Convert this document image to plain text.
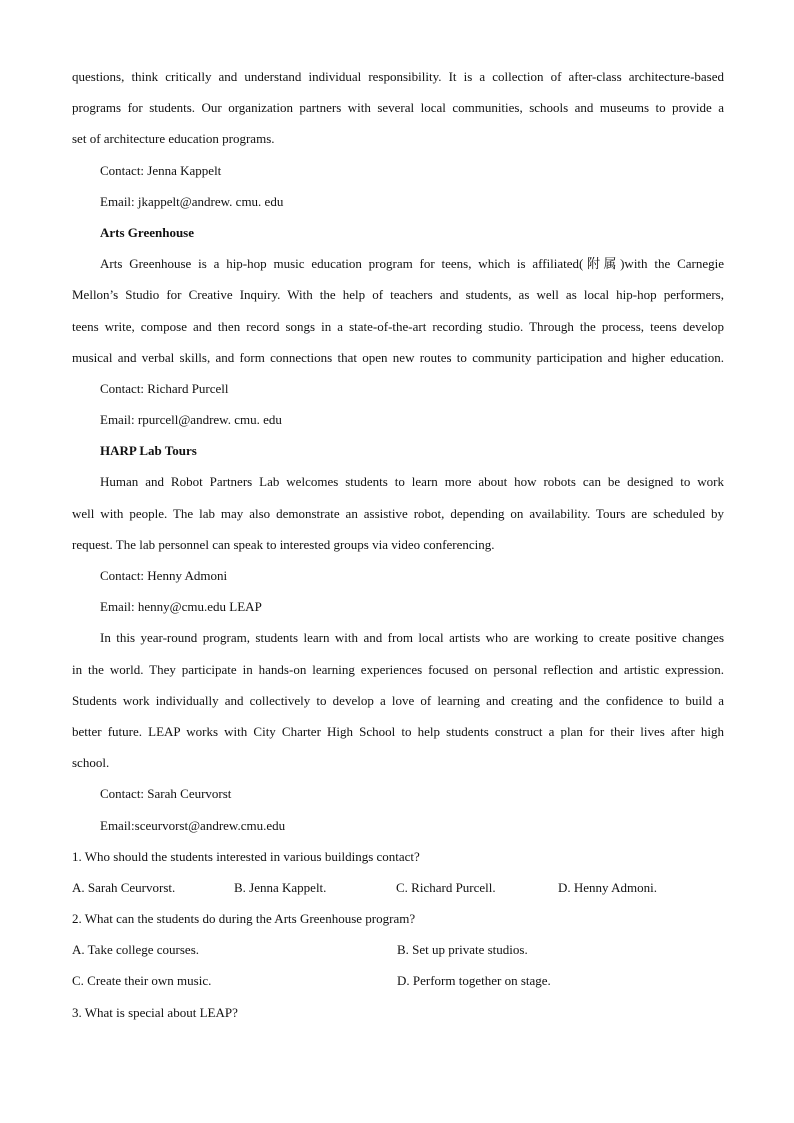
questions, think critically and understand individual responsibility. It is a collection of after-class architecture-based
programs for students. Our organization partners with several local communities, schools and museums to provide a
set of architecture education programs.
Contact: Jenna Kappelt
Email: jkappelt@andrew. cmu. edu
Arts Greenhouse
Arts Greenhouse is a hip-hop music education program for teens, which is affiliated(附属)with the Carnegie
Mellon’s Studio for Creative Inquiry. With the help of teachers and students, as well as local hip-hop performers,
teens write, compose and then record songs in a state-of-the-art recording studio. Through the process, teens develop
musical and verbal skills, and form connections that open new routes to community participation and higher education.
Contact: Richard Purcell
Email: rpurcell@andrew. cmu. edu
HARP Lab Tours
Human and Robot Partners Lab welcomes students to learn more about how robots can be designed to work
well with people. The lab may also demonstrate an assistive robot, depending on availability. Tours are scheduled by
request. The lab personnel can speak to interested groups via video conferencing.
Contact: Henny Admoni
Email: henny@cmu.edu LEAP
In this year-round program, students learn with and from local artists who are working to create positive changes
in the world. They participate in hands-on learning experiences focused on personal reflection and artistic expression.
Students work individually and collectively to develop a love of learning and creating and the confidence to build a
better future. LEAP works with City Charter High School to help students construct a plan for their lives after high
school.
Contact: Sarah Ceurvorst
Email:sceurvorst@andrew.cmu.edu
1. Who should the students interested in various buildings contact?
A. Sarah Ceurvorst.	B. Jenna Kappelt.	C. Richard Purcell.	D. Henny Admoni.
2. What can the students do during the Arts Greenhouse program?
A. Take college courses.	B. Set up private studios.
C. Create their own music.	D. Perform together on stage.
3. What is special about LEAP?
